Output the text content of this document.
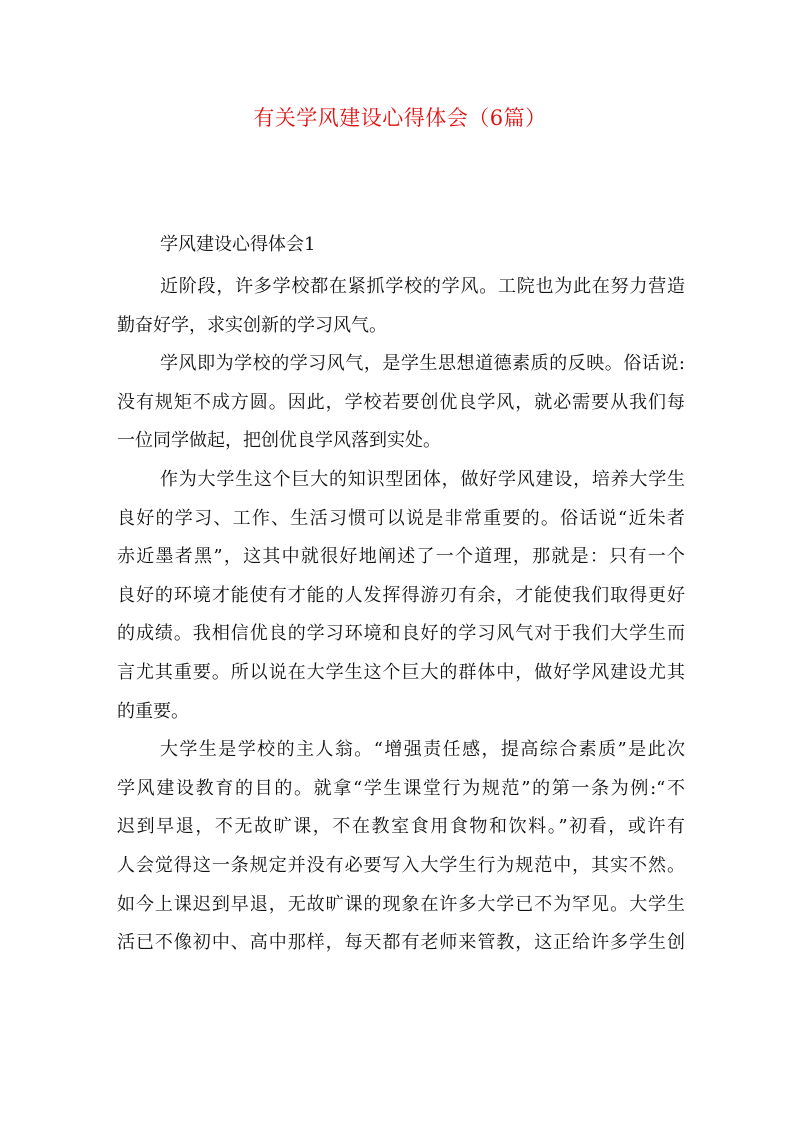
有关学风建设心得体会（6篇）
学风建设心得体会1

近阶段，许多学校都在紧抓学校的学风。工院也为此在努力营造
勤奋好学，求实创新的学习风气。

学风即为学校的学习风气，是学生思想道德素质的反映。俗话说:
没有规矩不成方圆。因此，学校若要创优良学风，就必需要从我们每
一位同学做起，把创优良学风落到实处。

作为大学生这个巨大的知识型团体，做好学风建设，培养大学生
良好的学习、工作、生活习惯可以说是非常重要的。俗话说“近朱者
赤近墨者黑”，这其中就很好地阐述了一个道理，那就是：只有一个
良好的环境才能使有才能的人发挥得游刃有余，才能使我们取得更好
的成绩。我相信优良的学习环境和良好的学习风气对于我们大学生而
言尤其重要。所以说在大学生这个巨大的群体中，做好学风建设尤其
的重要。

大学生是学校的主人翁。“增强责任感，提高综合素质”是此次
学风建设教育的目的。就拿“学生课堂行为规范”的第一条为例:“不
迟到早退，不无故旷课，不在教室食用食物和饮料。”初看，或许有
人会觉得这一条规定并没有必要写入大学生行为规范中，其实不然。
如今上课迟到早退，无故旷课的现象在许多大学已不为罕见。大学生
活已不像初中、高中那样，每天都有老师来管教，这正给许多学生创
